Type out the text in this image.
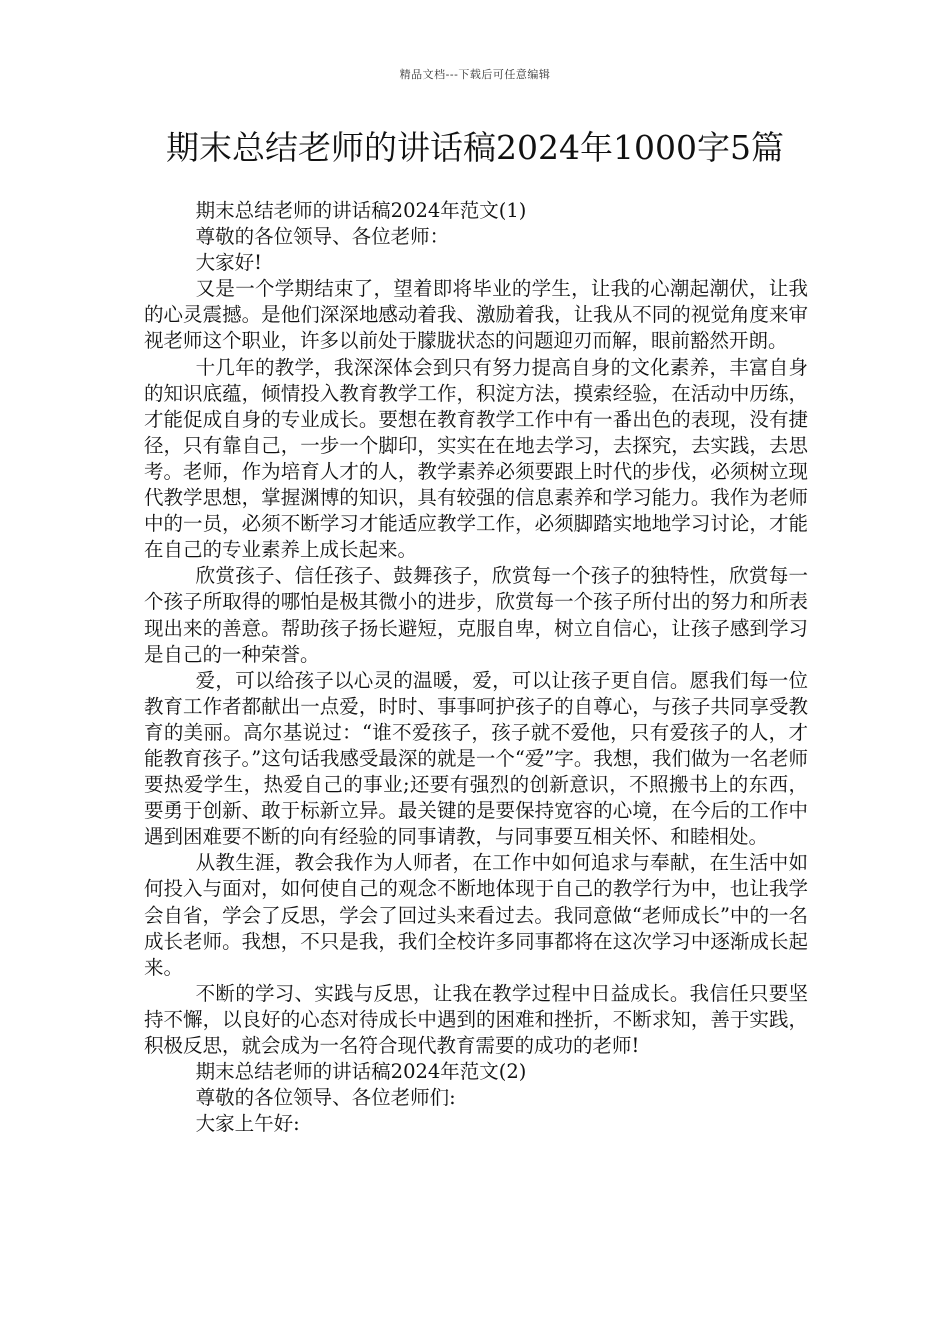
精品文档---下载后可任意编辑
期末总结老师的讲话稿2024年1000字5篇

期末总结老师的讲话稿2024年范文(1)

尊敬的各位领导、各位老师：

大家好!

又是一个学期结束了，望着即将毕业的学生，让我的心潮起潮伏，让我的心灵震撼。是他们深深地感动着我、激励着我，让我从不同的视觉角度来审视老师这个职业，许多以前处于朦胧状态的问题迎刃而解，眼前豁然开朗。

十几年的教学，我深深体会到只有努力提高自身的文化素养，丰富自身的知识底蕴，倾情投入教育教学工作，积淀方法，摸索经验，在活动中历练，才能促成自身的专业成长。要想在教育教学工作中有一番出色的表现，没有捷径，只有靠自己，一步一个脚印，实实在在地去学习，去探究，去实践，去思考。老师，作为培育人才的人，教学素养必须要跟上时代的步伐，必须树立现代教学思想，掌握渊博的知识，具有较强的信息素养和学习能力。我作为老师中的一员，必须不断学习才能适应教学工作，必须脚踏实地地学习讨论，才能在自己的专业素养上成长起来。

欣赏孩子、信任孩子、鼓舞孩子，欣赏每一个孩子的独特性，欣赏每一个孩子所取得的哪怕是极其微小的进步，欣赏每一个孩子所付出的努力和所表现出来的善意。帮助孩子扬长避短，克服自卑，树立自信心，让孩子感到学习是自己的一种荣誉。

爱，可以给孩子以心灵的温暖，爱，可以让孩子更自信。愿我们每一位教育工作者都献出一点爱，时时、事事呵护孩子的自尊心，与孩子共同享受教育的美丽。高尔基说过：“谁不爱孩子，孩子就不爱他，只有爱孩子的人，才能教育孩子。”这句话我感受最深的就是一个“爱”字。我想，我们做为一名老师要热爱学生，热爱自己的事业;还要有强烈的创新意识，不照搬书上的东西，要勇于创新、敢于标新立异。最关键的是要保持宽容的心境，在今后的工作中遇到困难要不断的向有经验的同事请教，与同事要互相关怀、和睦相处。

从教生涯，教会我作为人师者，在工作中如何追求与奉献，在生活中如何投入与面对，如何使自己的观念不断地体现于自己的教学行为中，也让我学会自省，学会了反思，学会了回过头来看过去。我同意做“老师成长”中的一名成长老师。我想，不只是我，我们全校许多同事都将在这次学习中逐渐成长起来。

不断的学习、实践与反思，让我在教学过程中日益成长。我信任只要坚持不懈，以良好的心态对待成长中遇到的困难和挫折，不断求知，善于实践，积极反思，就会成为一名符合现代教育需要的成功的老师!

期末总结老师的讲话稿2024年范文(2)

尊敬的各位领导、各位老师们:

大家上午好:
